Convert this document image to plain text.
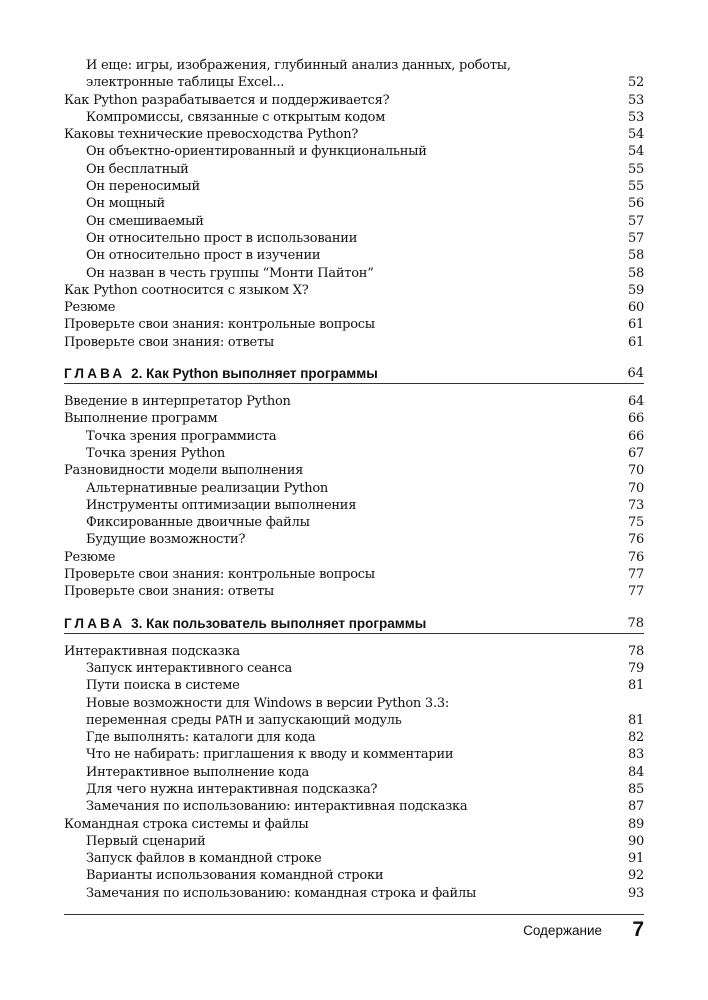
И еще: игры, изображения, глубинный анализ данных, роботы,
электронные таблицы Excel...	52
Как Python разрабатывается и поддерживается?	53
Компромиссы, связанные с открытым кодом	53
Каковы технические превосходства Python?	54
Он объектно-ориентированный и функциональный	54
Он бесплатный	55
Он переносимый	55
Он мощный	56
Он смешиваемый	57
Он относительно прост в использовании	57
Он относительно прост в изучении	58
Он назван в честь группы “Монти Пайтон”	58
Как Python соотносится с языком X?	59
Резюме	60
Проверьте свои знания: контрольные вопросы	61
Проверьте свои знания: ответы	61
ГЛАВА 2. Как Python выполняет программы	64
Введение в интерпретатор Python	64
Выполнение программ	66
Точка зрения программиста	66
Точка зрения Python	67
Разновидности модели выполнения	70
Альтернативные реализации Python	70
Инструменты оптимизации выполнения	73
Фиксированные двоичные файлы	75
Будущие возможности?	76
Резюме	76
Проверьте свои знания: контрольные вопросы	77
Проверьте свои знания: ответы	77
ГЛАВА 3. Как пользователь выполняет программы	78
Интерактивная подсказка	78
Запуск интерактивного сеанса	79
Пути поиска в системе	81
Новые возможности для Windows в версии Python 3.3:
переменная среды PATH и запускающий модуль	81
Где выполнять: каталоги для кода	82
Что не набирать: приглашения к вводу и комментарии	83
Интерактивное выполнение кода	84
Для чего нужна интерактивная подсказка?	85
Замечания по использованию: интерактивная подсказка	87
Командная строка системы и файлы	89
Первый сценарий	90
Запуск файлов в командной строке	91
Варианты использования командной строки	92
Замечания по использованию: командная строка и файлы	93
Содержание	7
